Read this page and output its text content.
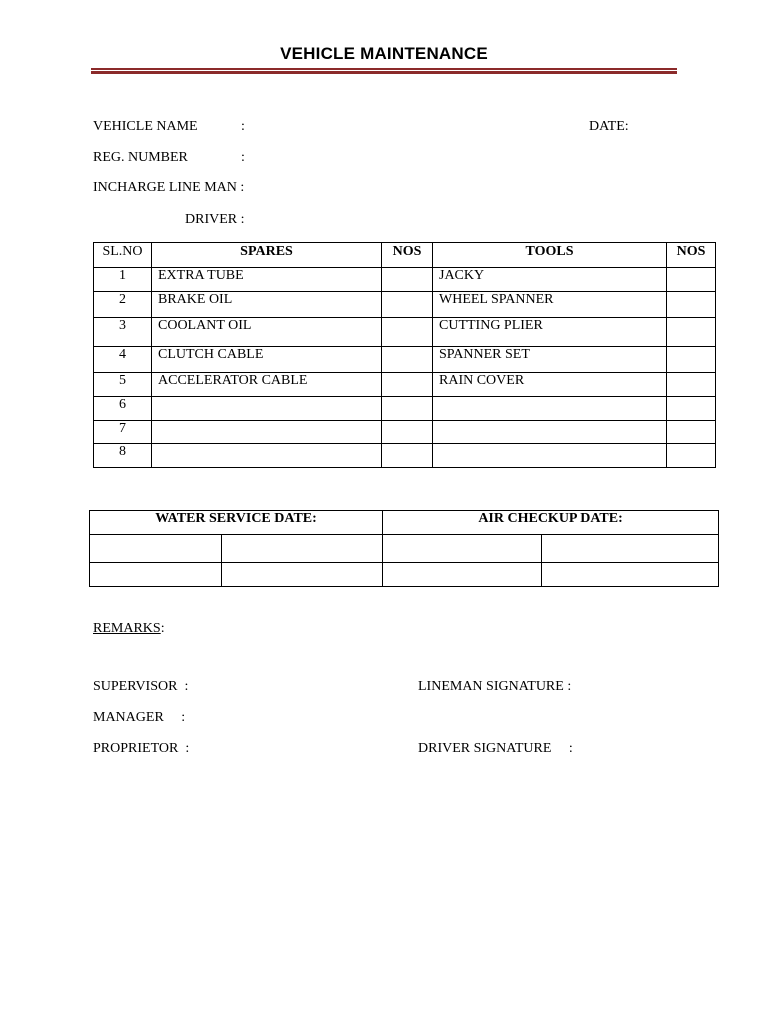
VEHICLE MAINTENANCE
VEHICLE NAME	:	DATE:
REG. NUMBER	:
INCHARGE LINE MAN :
DRIVER :
SL.NO	SPARES	NOS	TOOLS	NOS
1	EXTRA TUBE		JACKY	
2	BRAKE OIL		WHEEL SPANNER	
3	COOLANT OIL		CUTTING PLIER	
4	CLUTCH CABLE		SPANNER SET	
5	ACCELERATOR CABLE		RAIN COVER	
6				
7				
8				
WATER SERVICE DATE:		AIR CHECKUP DATE:	

REMARKS:
SUPERVISOR  :	LINEMAN SIGNATURE :
MANAGER     :
PROPRIETOR  :	DRIVER SIGNATURE     :
